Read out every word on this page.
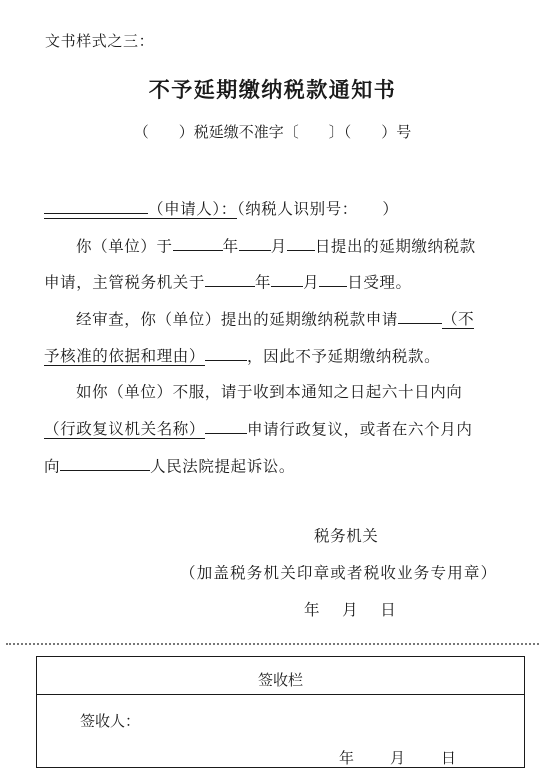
文书样式之三：
不予延期缴纳税款通知书
（　　）税延缴不准字〔　　〕（　　）号
（申请人）：（纳税人识别号：　　）
你（单位）于	年 月 日提出的延期缴纳税款
申请，主管税务机关于	年 月 日受理。
经审查，你（单位）提出的延期缴纳税款申请	（不
予核准的依据和理由）	，因此不予延期缴纳税款。
如你（单位）不服，请于收到本通知之日起六十日内向
（行政复议机关名称）	申请行政复议，或者在六个月内
向	人民法院提起诉讼。
税务机关
（加盖税务机关印章或者税收业务专用章）
年 月 日
签收栏
签收人：
年 月 日
